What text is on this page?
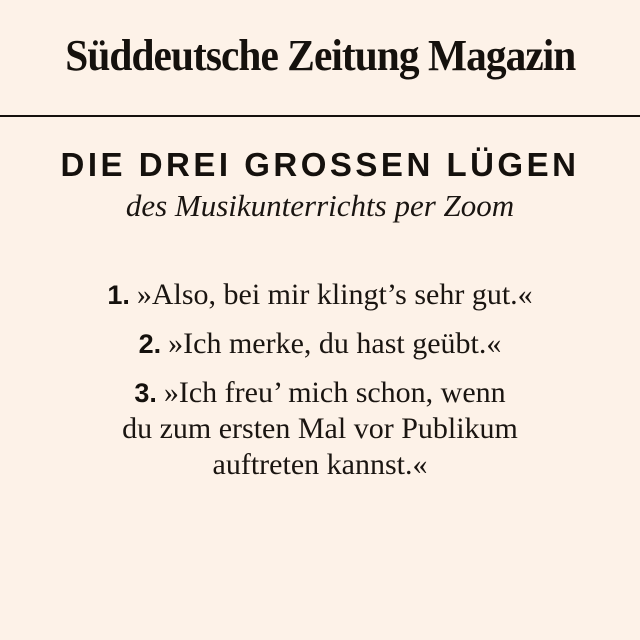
Süddeutsche Zeitung Magazin
DIE DREI GROSSEN LÜGEN
des Musikunterrichts per Zoom
1. »Also, bei mir klingt’s sehr gut.«
2. »Ich merke, du hast geübt.«
3. »Ich freu’ mich schon, wenn
du zum ersten Mal vor Publikum
auftreten kannst.«
